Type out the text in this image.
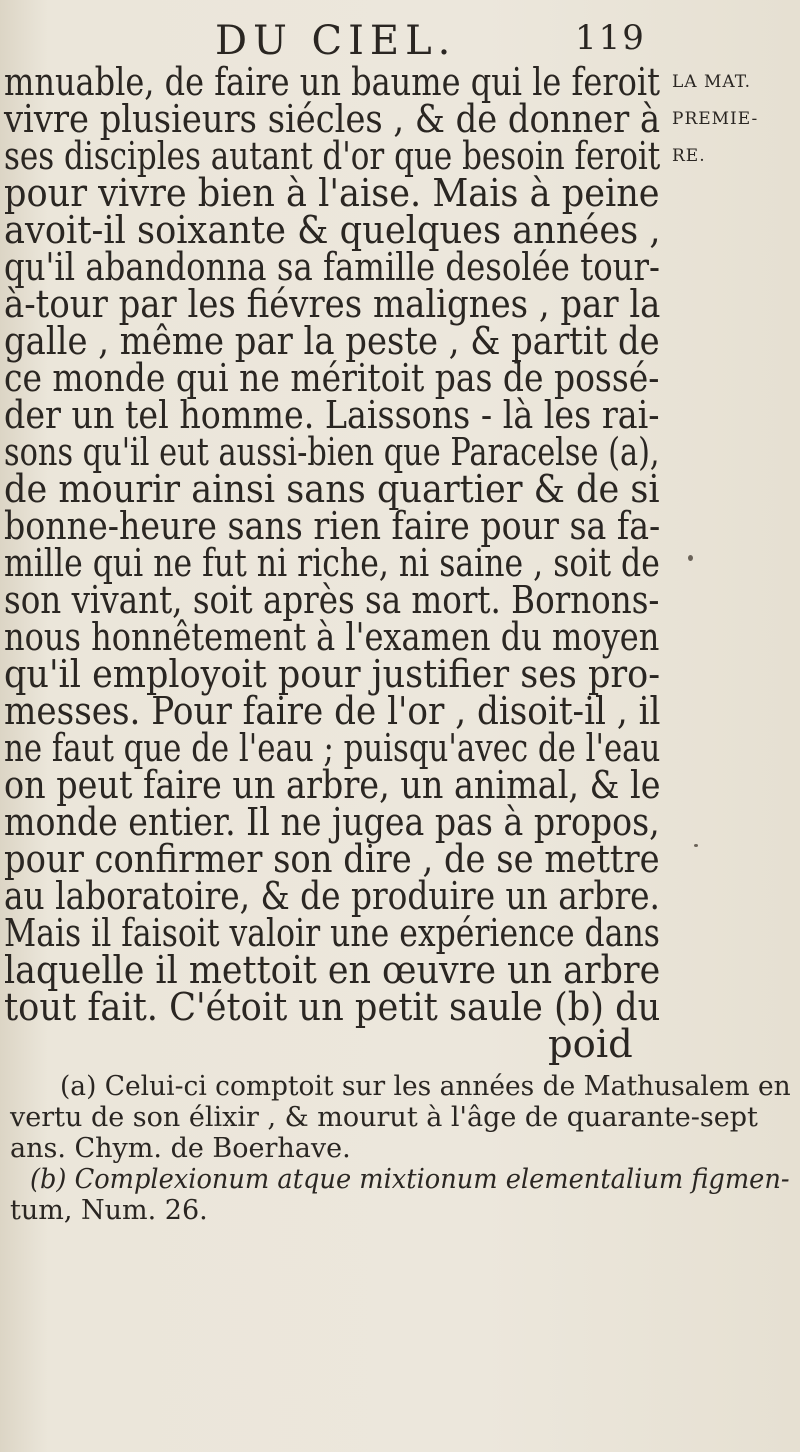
DU CIEL.	119
LA MAT.
PREMIE-
RE.
mnuable, de faire un baume qui le feroit
vivre plusieurs siécles , & de donner à
ses disciples autant d'or que besoin feroit
pour vivre bien à l'aise. Mais à peine
avoit-il soixante & quelques années ,
qu'il abandonna sa famille desolée tour-
à-tour par les fiévres malignes , par la
galle , même par la peste , & partit de
ce monde qui ne méritoit pas de possé-
der un tel homme. Laissons - là les rai-
sons qu'il eut aussi-bien que Paracelse (a),
de mourir ainsi sans quartier & de si
bonne-heure sans rien faire pour sa fa-
mille qui ne fut ni riche, ni saine , soit de
son vivant, soit après sa mort. Bornons-
nous honnêtement à l'examen du moyen
qu'il employoit pour justifier ses pro-
messes. Pour faire de l'or , disoit-il , il
ne faut que de l'eau ; puisqu'avec de l'eau
on peut faire un arbre, un animal, & le
monde entier. Il ne jugea pas à propos,
pour confirmer son dire , de se mettre
au laboratoire, & de produire un arbre.
Mais il faisoit valoir une expérience dans
laquelle il mettoit en œuvre un arbre
tout fait. C'étoit un petit saule (b) du
poid
(a) Celui-ci comptoit sur les années de Mathusalem en
vertu de son élixir , & mourut à l'âge de quarante-sept
ans. Chym. de Boerhave.
(b) Complexionum atque mixtionum elementalium figmen-
tum, Num. 26.
